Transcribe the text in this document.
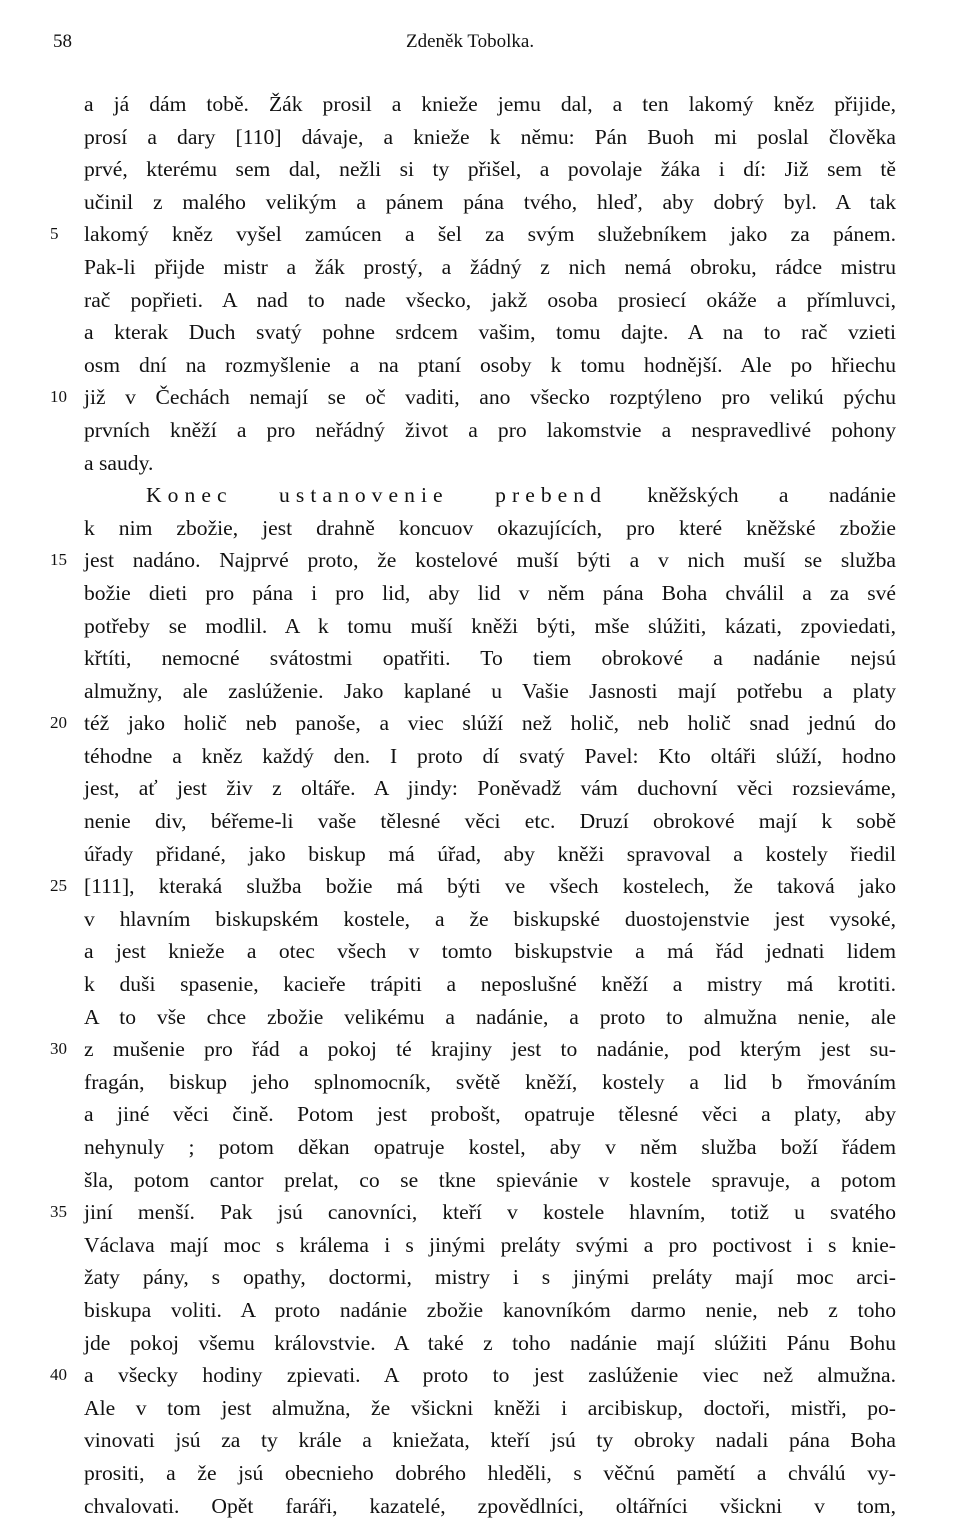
58	Zdeněk Tobolka.
a já dám tobě. Žák prosil a knieže jemu dal, a ten lakomý kněz přijide,
prosí a dary [110] dávaje, a knieže k němu: Pán Buoh mi poslal člověka
prvé, kterému sem dal, nežli si ty přišel, a povolaje žáka i dí: Již sem tě
učinil z malého velikým a pánem pána tvého, hleď, aby dobrý byl. A tak
5	lakomý kněz vyšel zamúcen a šel za svým služebníkem jako za pánem.
Pak-li přijde mistr a žák prostý, a žádný z nich nemá obroku, rádce mistru
rač popřieti. A nad to nade všecko, jakž osoba prosiecí okáže a přímluvci,
a kterak Duch svatý pohne srdcem vašim, tomu dajte. A na to rač vzieti
osm dní na rozmyšlenie a na ptaní osoby k tomu hodnější. Ale po hřiechu
10 již v Čechách nemají se oč vaditi, ano všecko rozptýleno pro velikú pýchu
prvních kněží a pro neřádný život a pro lakomstvie a nespravedlivé pohony
a saudy.
Konec ustanovenie prebend kněžských a nadánie
k nim zbožie, jest drahně koncuov okazujících, pro které kněžské zbožie
15 jest nadáno. Najprvé proto, že kostelové muší býti a v nich muší se služba
božie dieti pro pána i pro lid, aby lid v něm pána Boha chválil a za své
potřeby se modlil. A k tomu muší kněži býti, mše slúžiti, kázati, zpoviedati,
křtíti, nemocné svátostmi opatřiti. To tiem obrokové a nadánie nejsú
almužny, ale zaslúženie. Jako kaplané u Vašie Jasnosti mají potřebu a platy
20 též jako holič neb panoše, a viec slúží než holič, neb holič snad jednú do
téhodne a kněz každý den. I proto dí svatý Pavel: Kto oltáři slúží, hodno
jest, ať jest živ z oltáře. A jindy: Poněvadž vám duchovní věci rozsieváme,
nenie div, béřeme-li vaše tělesné věci etc. Druzí obrokové mají k sobě
úřady přidané, jako biskup má úřad, aby kněži spravoval a kostely řiedil
25 [111], kteraká služba božie má býti ve všech kostelech, že taková jako
v hlavním biskupském kostele, a že biskupské duostojenstvie jest vysoké,
a jest knieže a otec všech v tomto biskupstvie a má řád jednati lidem
k duši spasenie, kacieře trápiti a neposlušné kněží a mistry má krotiti.
A to vše chce zbožie velikému a nadánie, a proto to almužna nenie, ale
30 z mušenie pro řád a pokoj té krajiny jest to nadánie, pod kterým jest su-
fragán, biskup jeho splnomocník, světě kněží, kostely a lid b řmováním
a jiné věci čině. Potom jest probošt, opatruje tělesné věci a platy, aby
nehynuly ; potom děkan opatruje kostel, aby v něm služba boží řádem
šla, potom cantor prelat, co se tkne spievánie v kostele spravuje, a potom
35 jiní menší. Pak jsú canovníci, kteří v kostele hlavním, totiž u svatého
Václava mají moc s králema i s jinými preláty svými a pro poctivost i s knie-
žaty pány, s opathy, doctormi, mistry i s jinými preláty mají moc arci-
biskupa voliti. A proto nadánie zbožie kanovníkóm darmo nenie, neb z toho
jde pokoj všemu královstvie. A také z toho nadánie mají slúžiti Pánu Bohu
40 a všecky hodiny zpievati. A proto to jest zaslúženie viec než almužna.
Ale v tom jest almužna, že všickni kněži i arcibiskup, doctoři, mistři, po-
vinovati jsú za ty krále a kniežata, kteří jsú ty obroky nadali pána Boha
prositi, a že jsú obecnieho dobrého hleděli, s věčnú pamětí a chválú vy-
chvalovati. Opět faráři, kazatelé, zpovědlníci, oltářníci všickni v tom,
